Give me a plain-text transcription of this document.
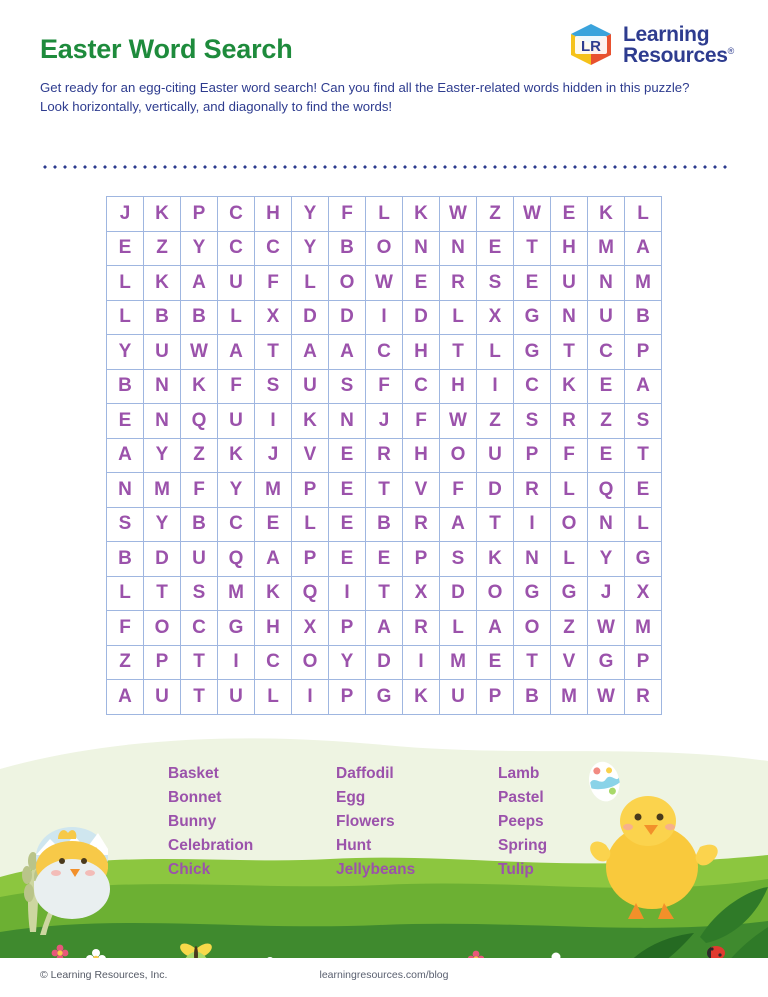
LR
Learning
Resources®
Easter Word Search

Get ready for an egg-citing Easter word search! Can you find all the Easter-related words hidden in this puzzle? Look horizontally, vertically, and diagonally to find the words!

J	K	P	C	H	Y	F	L	K	W	Z	W	E	K	L
E	Z	Y	C	C	Y	B	O	N	N	E	T	H	M	A
L	K	A	U	F	L	O	W	E	R	S	E	U	N	M
L	B	B	L	X	D	D	I	D	L	X	G	N	U	B
Y	U	W	A	T	A	A	C	H	T	L	G	T	C	P
B	N	K	F	S	U	S	F	C	H	I	C	K	E	A
E	N	Q	U	I	K	N	J	F	W	Z	S	R	Z	S
A	Y	Z	K	J	V	E	R	H	O	U	P	F	E	T
N	M	F	Y	M	P	E	T	V	F	D	R	L	Q	E
S	Y	B	C	E	L	E	B	R	A	T	I	O	N	L
B	D	U	Q	A	P	E	E	P	S	K	N	L	Y	G
L	T	S	M	K	Q	I	T	X	D	O	G	G	J	X
F	O	C	G	H	X	P	A	R	L	A	O	Z	W	M
Z	P	T	I	C	O	Y	D	I	M	E	T	V	G	P
A	U	T	U	L	I	P	G	K	U	P	B	M	W	R
Basket
Bonnet
Bunny
Celebration
Chick
Daffodil
Egg
Flowers
Hunt
Jellybeans
Lamb
Pastel
Peeps
Spring
Tulip
© Learning Resources, Inc.	learningresources.com/blog
